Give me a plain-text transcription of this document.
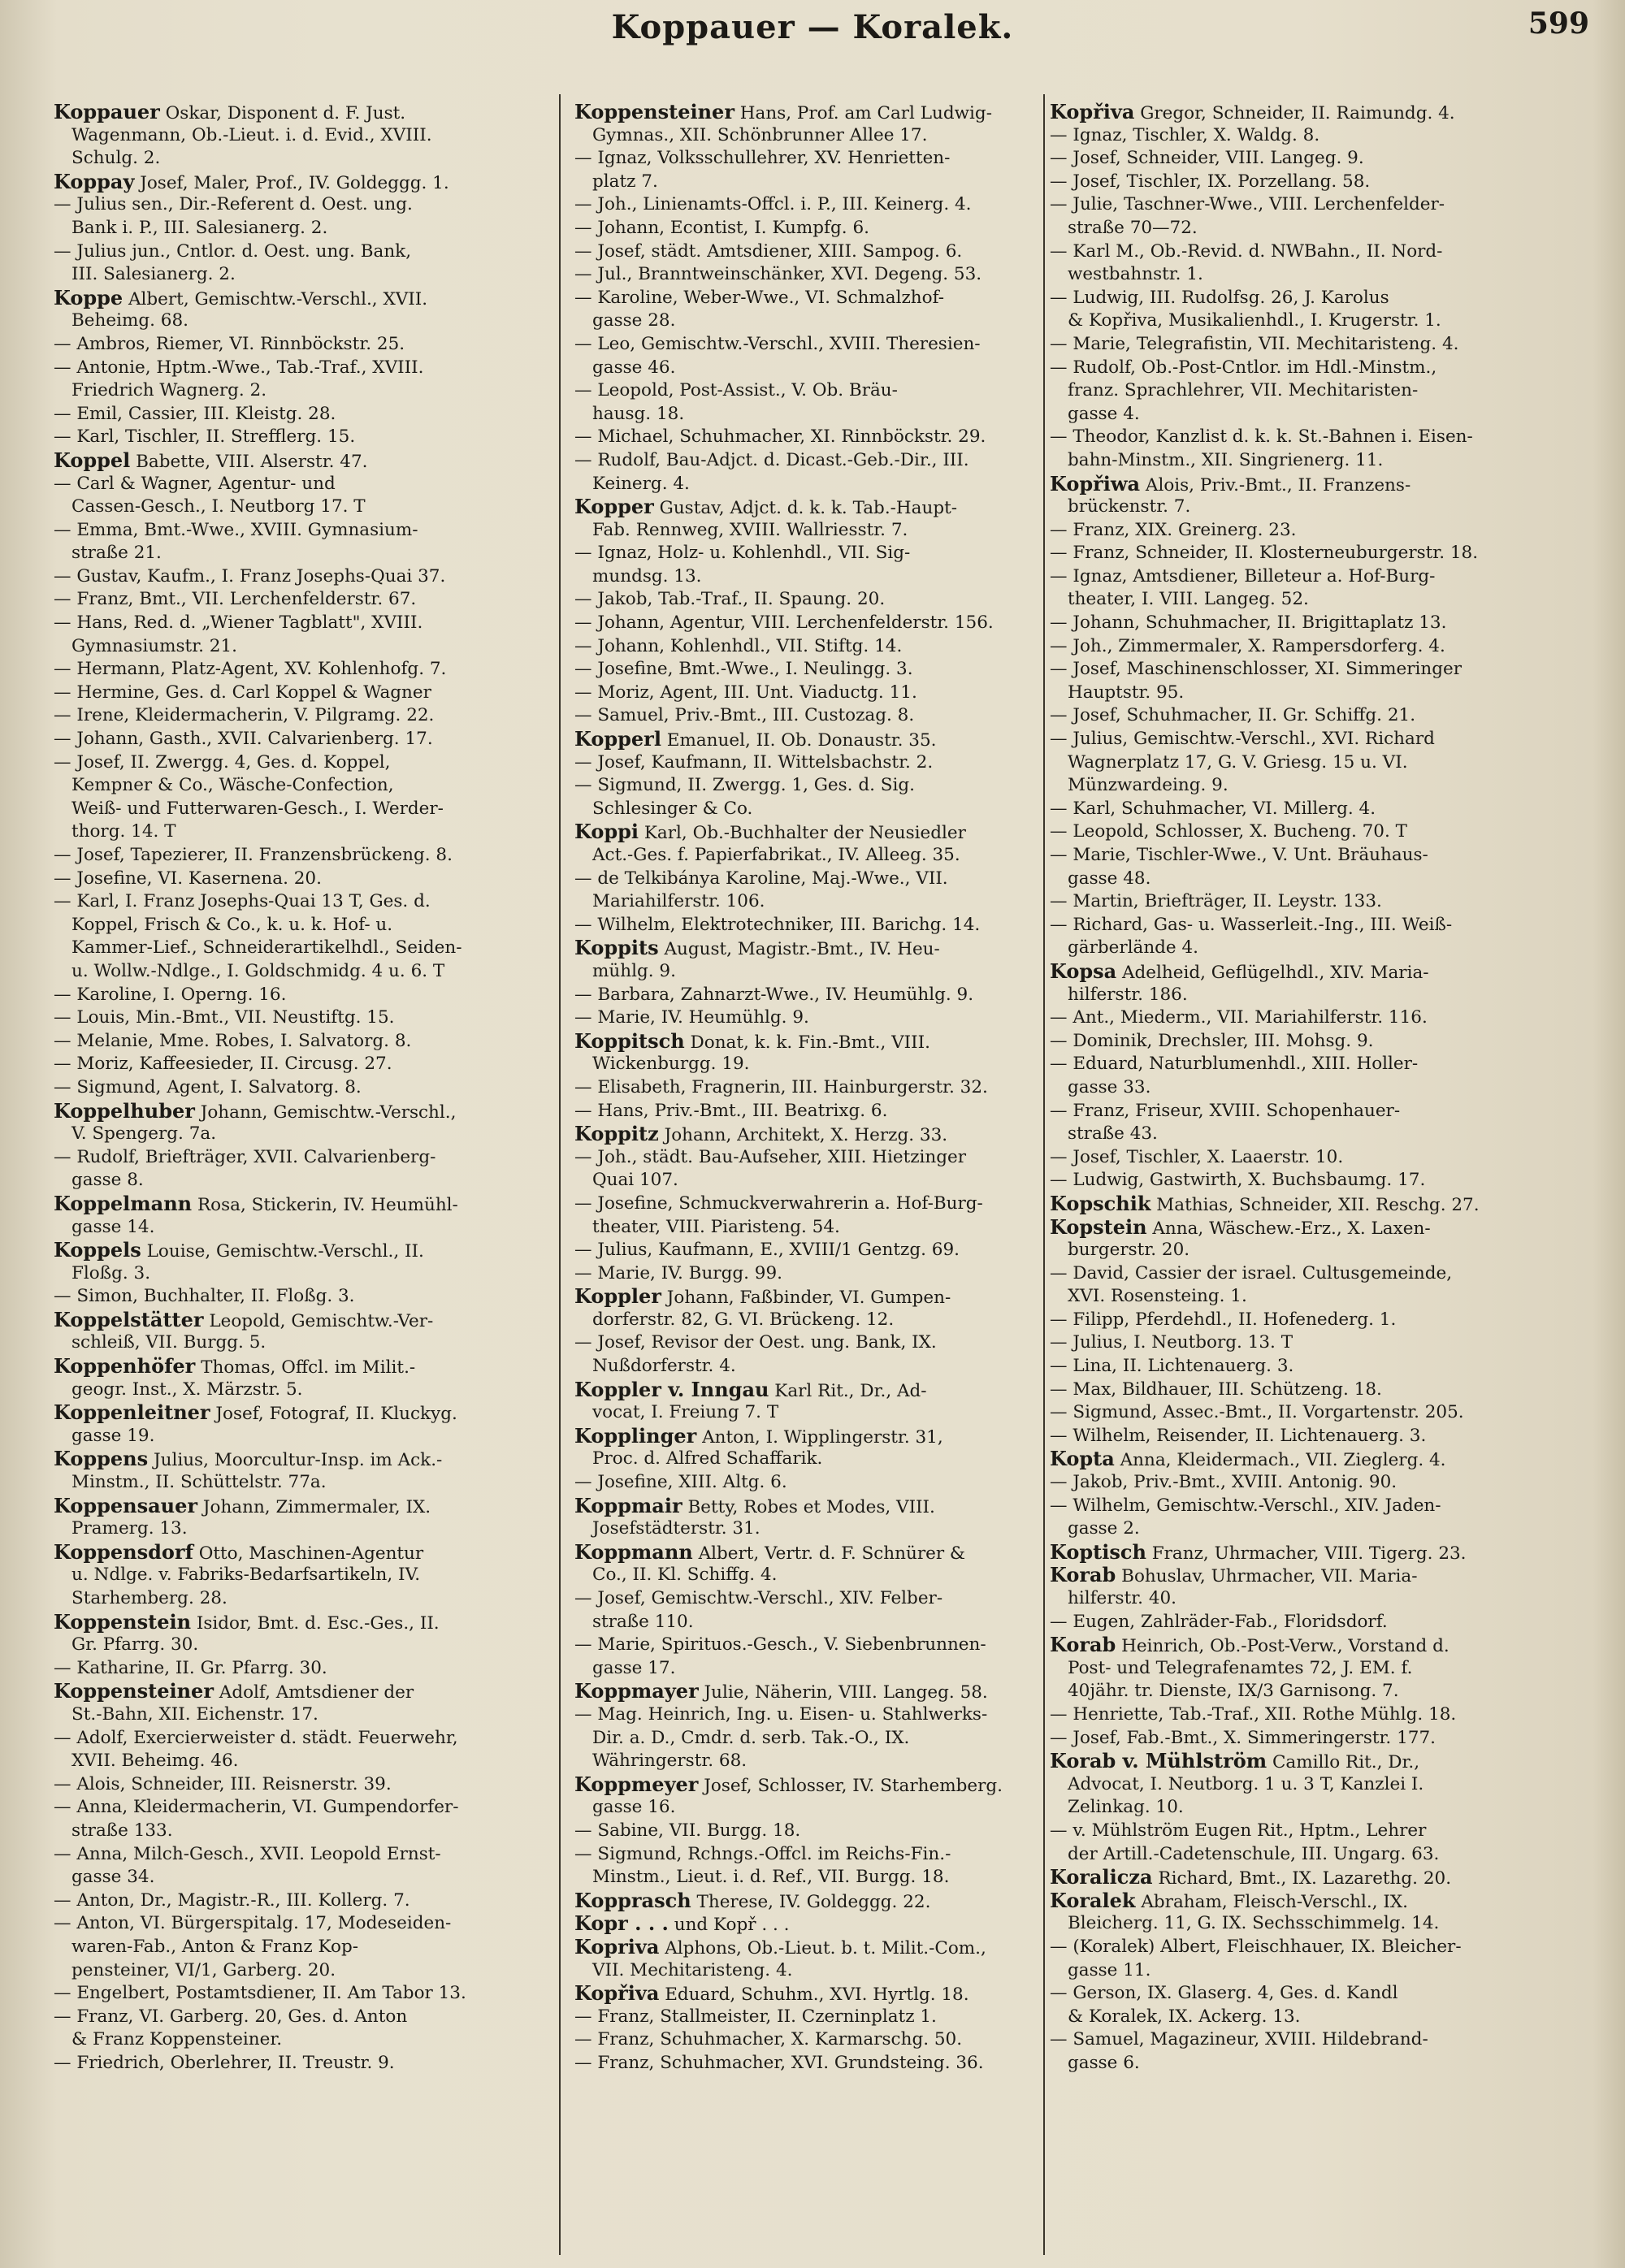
Koppauer — Koralek.	599
Koppauer Oskar, Disponent d. F. Just.
Wagenmann, Ob.-Lieut. i. d. Evid., XVIII.
Schulg. 2.
Koppay Josef, Maler, Prof., IV. Goldeggg. 1.
— Julius sen., Dir.-Referent d. Oest. ung.
Bank i. P., III. Salesianerg. 2.
— Julius jun., Cntlor. d. Oest. ung. Bank,
III. Salesianerg. 2.
Koppe Albert, Gemischtw.-Verschl., XVII.
Beheimg. 68.
— Ambros, Riemer, VI. Rinnböckstr. 25.
— Antonie, Hptm.-Wwe., Tab.-Traf., XVIII.
Friedrich Wagnerg. 2.
— Emil, Cassier, III. Kleistg. 28.
— Karl, Tischler, II. Strefflerg. 15.
Koppel Babette, VIII. Alserstr. 47.
— Carl & Wagner, Agentur- und
Cassen-Gesch., I. Neutborg 17. T
— Emma, Bmt.-Wwe., XVIII. Gymnasium-
straße 21.
— Gustav, Kaufm., I. Franz Josephs-Quai 37.
— Franz, Bmt., VII. Lerchenfelderstr. 67.
— Hans, Red. d. „Wiener Tagblatt", XVIII.
Gymnasiumstr. 21.
— Hermann, Platz-Agent, XV. Kohlenhofg. 7.
— Hermine, Ges. d. Carl Koppel & Wagner
— Irene, Kleidermacherin, V. Pilgramg. 22.
— Johann, Gasth., XVII. Calvarienberg. 17.
— Josef, II. Zwergg. 4, Ges. d. Koppel,
Kempner & Co., Wäsche-Confection,
Weiß- und Futterwaren-Gesch., I. Werder-
thorg. 14. T
— Josef, Tapezierer, II. Franzensbrückeng. 8.
— Josefine, VI. Kasernena. 20.
— Karl, I. Franz Josephs-Quai 13 T, Ges. d.
Koppel, Frisch & Co., k. u. k. Hof- u.
Kammer-Lief., Schneiderartikelhdl., Seiden-
u. Wollw.-Ndlge., I. Goldschmidg. 4 u. 6. T
— Karoline, I. Operng. 16.
— Louis, Min.-Bmt., VII. Neustiftg. 15.
— Melanie, Mme. Robes, I. Salvatorg. 8.
— Moriz, Kaffeesieder, II. Circusg. 27.
— Sigmund, Agent, I. Salvatorg. 8.
Koppelhuber Johann, Gemischtw.-Verschl.,
V. Spengerg. 7a.
— Rudolf, Briefträger, XVII. Calvarienberg-
gasse 8.
Koppelmann Rosa, Stickerin, IV. Heumühl-
gasse 14.
Koppels Louise, Gemischtw.-Verschl., II.
Floßg. 3.
— Simon, Buchhalter, II. Floßg. 3.
Koppelstätter Leopold, Gemischtw.-Ver-
schleiß, VII. Burgg. 5.
Koppenhöfer Thomas, Offcl. im Milit.-
geogr. Inst., X. Märzstr. 5.
Koppenleitner Josef, Fotograf, II. Kluckyg.
gasse 19.
Koppens Julius, Moorcultur-Insp. im Ack.-
Minstm., II. Schüttelstr. 77a.
Koppensauer Johann, Zimmermaler, IX.
Pramerg. 13.
Koppensdorf Otto, Maschinen-Agentur
u. Ndlge. v. Fabriks-Bedarfsartikeln, IV.
Starhemberg. 28.
Koppenstein Isidor, Bmt. d. Esc.-Ges., II.
Gr. Pfarrg. 30.
— Katharine, II. Gr. Pfarrg. 30.
Koppensteiner Adolf, Amtsdiener der
St.-Bahn, XII. Eichenstr. 17.
— Adolf, Exercierweister d. städt. Feuerwehr,
XVII. Beheimg. 46.
— Alois, Schneider, III. Reisnerstr. 39.
— Anna, Kleidermacherin, VI. Gumpendorfer-
straße 133.
— Anna, Milch-Gesch., XVII. Leopold Ernst-
gasse 34.
— Anton, Dr., Magistr.-R., III. Kollerg. 7.
— Anton, VI. Bürgerspitalg. 17, Modeseiden-
waren-Fab., Anton & Franz Kop-
pensteiner, VI/1, Garberg. 20.
— Engelbert, Postamtsdiener, II. Am Tabor 13.
— Franz, VI. Garberg. 20, Ges. d. Anton
& Franz Koppensteiner.
— Friedrich, Oberlehrer, II. Treustr. 9.
Koppensteiner Hans, Prof. am Carl Ludwig-
Gymnas., XII. Schönbrunner Allee 17.
— Ignaz, Volksschullehrer, XV. Henrietten-
platz 7.
— Joh., Linienamts-Offcl. i. P., III. Keinerg. 4.
— Johann, Econtist, I. Kumpfg. 6.
— Josef, städt. Amtsdiener, XIII. Sampog. 6.
— Jul., Branntweinschänker, XVI. Degeng. 53.
— Karoline, Weber-Wwe., VI. Schmalzhof-
gasse 28.
— Leo, Gemischtw.-Verschl., XVIII. Theresien-
gasse 46.
— Leopold, Post-Assist., V. Ob. Bräu-
hausg. 18.
— Michael, Schuhmacher, XI. Rinnböckstr. 29.
— Rudolf, Bau-Adjct. d. Dicast.-Geb.-Dir., III.
Keinerg. 4.
Kopper Gustav, Adjct. d. k. k. Tab.-Haupt-
Fab. Rennweg, XVIII. Wallriesstr. 7.
— Ignaz, Holz- u. Kohlenhdl., VII. Sig-
mundsg. 13.
— Jakob, Tab.-Traf., II. Spaung. 20.
— Johann, Agentur, VIII. Lerchenfelderstr. 156.
— Johann, Kohlenhdl., VII. Stiftg. 14.
— Josefine, Bmt.-Wwe., I. Neulingg. 3.
— Moriz, Agent, III. Unt. Viaductg. 11.
— Samuel, Priv.-Bmt., III. Custozag. 8.
Kopperl Emanuel, II. Ob. Donaustr. 35.
— Josef, Kaufmann, II. Wittelsbachstr. 2.
— Sigmund, II. Zwergg. 1, Ges. d. Sig.
Schlesinger & Co.
Koppi Karl, Ob.-Buchhalter der Neusiedler
Act.-Ges. f. Papierfabrikat., IV. Alleeg. 35.
— de Telkibánya Karoline, Maj.-Wwe., VII.
Mariahilferstr. 106.
— Wilhelm, Elektrotechniker, III. Barichg. 14.
Koppits August, Magistr.-Bmt., IV. Heu-
mühlg. 9.
— Barbara, Zahnarzt-Wwe., IV. Heumühlg. 9.
— Marie, IV. Heumühlg. 9.
Koppitsch Donat, k. k. Fin.-Bmt., VIII.
Wickenburgg. 19.
— Elisabeth, Fragnerin, III. Hainburgerstr. 32.
— Hans, Priv.-Bmt., III. Beatrixg. 6.
Koppitz Johann, Architekt, X. Herzg. 33.
— Joh., städt. Bau-Aufseher, XIII. Hietzinger
Quai 107.
— Josefine, Schmuckverwahrerin a. Hof-Burg-
theater, VIII. Piaristeng. 54.
— Julius, Kaufmann, E., XVIII/1 Gentzg. 69.
— Marie, IV. Burgg. 99.
Koppler Johann, Faßbinder, VI. Gumpen-
dorferstr. 82, G. VI. Brückeng. 12.
— Josef, Revisor der Oest. ung. Bank, IX.
Nußdorferstr. 4.
Koppler v. Inngau Karl Rit., Dr., Ad-
vocat, I. Freiung 7. T
Kopplinger Anton, I. Wipplingerstr. 31,
Proc. d. Alfred Schaffarik.
— Josefine, XIII. Altg. 6.
Koppmair Betty, Robes et Modes, VIII.
Josefstädterstr. 31.
Koppmann Albert, Vertr. d. F. Schnürer &
Co., II. Kl. Schiffg. 4.
— Josef, Gemischtw.-Verschl., XIV. Felber-
straße 110.
— Marie, Spirituos.-Gesch., V. Siebenbrunnen-
gasse 17.
Koppmayer Julie, Näherin, VIII. Langeg. 58.
— Mag. Heinrich, Ing. u. Eisen- u. Stahlwerks-
Dir. a. D., Cmdr. d. serb. Tak.-O., IX.
Währingerstr. 68.
Koppmeyer Josef, Schlosser, IV. Starhemberg.
gasse 16.
— Sabine, VII. Burgg. 18.
— Sigmund, Rchngs.-Offcl. im Reichs-Fin.-
Minstm., Lieut. i. d. Ref., VII. Burgg. 18.
Kopprasch Therese, IV. Goldeggg. 22.
Kopr . . . und Kopř . . .
Kopriva Alphons, Ob.-Lieut. b. t. Milit.-Com.,
VII. Mechitaristeng. 4.
Kopřiva Eduard, Schuhm., XVI. Hyrtlg. 18.
— Franz, Stallmeister, II. Czerninplatz 1.
— Franz, Schuhmacher, X. Karmarschg. 50.
— Franz, Schuhmacher, XVI. Grundsteing. 36.
Kopřiva Gregor, Schneider, II. Raimundg. 4.
— Ignaz, Tischler, X. Waldg. 8.
— Josef, Schneider, VIII. Langeg. 9.
— Josef, Tischler, IX. Porzellang. 58.
— Julie, Taschner-Wwe., VIII. Lerchenfelder-
straße 70—72.
— Karl M., Ob.-Revid. d. NWBahn., II. Nord-
westbahnstr. 1.
— Ludwig, III. Rudolfsg. 26, J. Karolus
& Kopřiva, Musikalienhdl., I. Krugerstr. 1.
— Marie, Telegrafistin, VII. Mechitaristeng. 4.
— Rudolf, Ob.-Post-Cntlor. im Hdl.-Minstm.,
franz. Sprachlehrer, VII. Mechitaristen-
gasse 4.
— Theodor, Kanzlist d. k. k. St.-Bahnen i. Eisen-
bahn-Minstm., XII. Singrienerg. 11.
Kopřiwa Alois, Priv.-Bmt., II. Franzens-
brückenstr. 7.
— Franz, XIX. Greinerg. 23.
— Franz, Schneider, II. Klosterneuburgerstr. 18.
— Ignaz, Amtsdiener, Billeteur a. Hof-Burg-
theater, I. VIII. Langeg. 52.
— Johann, Schuhmacher, II. Brigittaplatz 13.
— Joh., Zimmermaler, X. Rampersdorferg. 4.
— Josef, Maschinenschlosser, XI. Simmeringer
Hauptstr. 95.
— Josef, Schuhmacher, II. Gr. Schiffg. 21.
— Julius, Gemischtw.-Verschl., XVI. Richard
Wagnerplatz 17, G. V. Griesg. 15 u. VI.
Münzwardeing. 9.
— Karl, Schuhmacher, VI. Millerg. 4.
— Leopold, Schlosser, X. Bucheng. 70. T
— Marie, Tischler-Wwe., V. Unt. Bräuhaus-
gasse 48.
— Martin, Briefträger, II. Leystr. 133.
— Richard, Gas- u. Wasserleit.-Ing., III. Weiß-
gärberlände 4.
Kopsa Adelheid, Geflügelhdl., XIV. Maria-
hilferstr. 186.
— Ant., Miederm., VII. Mariahilferstr. 116.
— Dominik, Drechsler, III. Mohsg. 9.
— Eduard, Naturblumenhdl., XIII. Holler-
gasse 33.
— Franz, Friseur, XVIII. Schopenhauer-
straße 43.
— Josef, Tischler, X. Laaerstr. 10.
— Ludwig, Gastwirth, X. Buchsbaumg. 17.
Kopschik Mathias, Schneider, XII. Reschg. 27.
Kopstein Anna, Wäschew.-Erz., X. Laxen-
burgerstr. 20.
— David, Cassier der israel. Cultusgemeinde,
XVI. Rosensteing. 1.
— Filipp, Pferdehdl., II. Hofenederg. 1.
— Julius, I. Neutborg. 13. T
— Lina, II. Lichtenauerg. 3.
— Max, Bildhauer, III. Schützeng. 18.
— Sigmund, Assec.-Bmt., II. Vorgartenstr. 205.
— Wilhelm, Reisender, II. Lichtenauerg. 3.
Kopta Anna, Kleidermach., VII. Zieglerg. 4.
— Jakob, Priv.-Bmt., XVIII. Antonig. 90.
— Wilhelm, Gemischtw.-Verschl., XIV. Jaden-
gasse 2.
Koptisch Franz, Uhrmacher, VIII. Tigerg. 23.
Korab Bohuslav, Uhrmacher, VII. Maria-
hilferstr. 40.
— Eugen, Zahlräder-Fab., Floridsdorf.
Korab Heinrich, Ob.-Post-Verw., Vorstand d.
Post- und Telegrafenamtes 72, J. EM. f.
40jähr. tr. Dienste, IX/3 Garnisong. 7.
— Henriette, Tab.-Traf., XII. Rothe Mühlg. 18.
— Josef, Fab.-Bmt., X. Simmeringerstr. 177.
Korab v. Mühlström Camillo Rit., Dr.,
Advocat, I. Neutborg. 1 u. 3 T, Kanzlei I.
Zelinkag. 10.
— v. Mühlström Eugen Rit., Hptm., Lehrer
der Artill.-Cadetenschule, III. Ungarg. 63.
Koralicza Richard, Bmt., IX. Lazarethg. 20.
Koralek Abraham, Fleisch-Verschl., IX.
Bleicherg. 11, G. IX. Sechsschimmelg. 14.
— (Koralek) Albert, Fleischhauer, IX. Bleicher-
gasse 11.
— Gerson, IX. Glaserg. 4, Ges. d. Kandl
& Koralek, IX. Ackerg. 13.
— Samuel, Magazineur, XVIII. Hildebrand-
gasse 6.
